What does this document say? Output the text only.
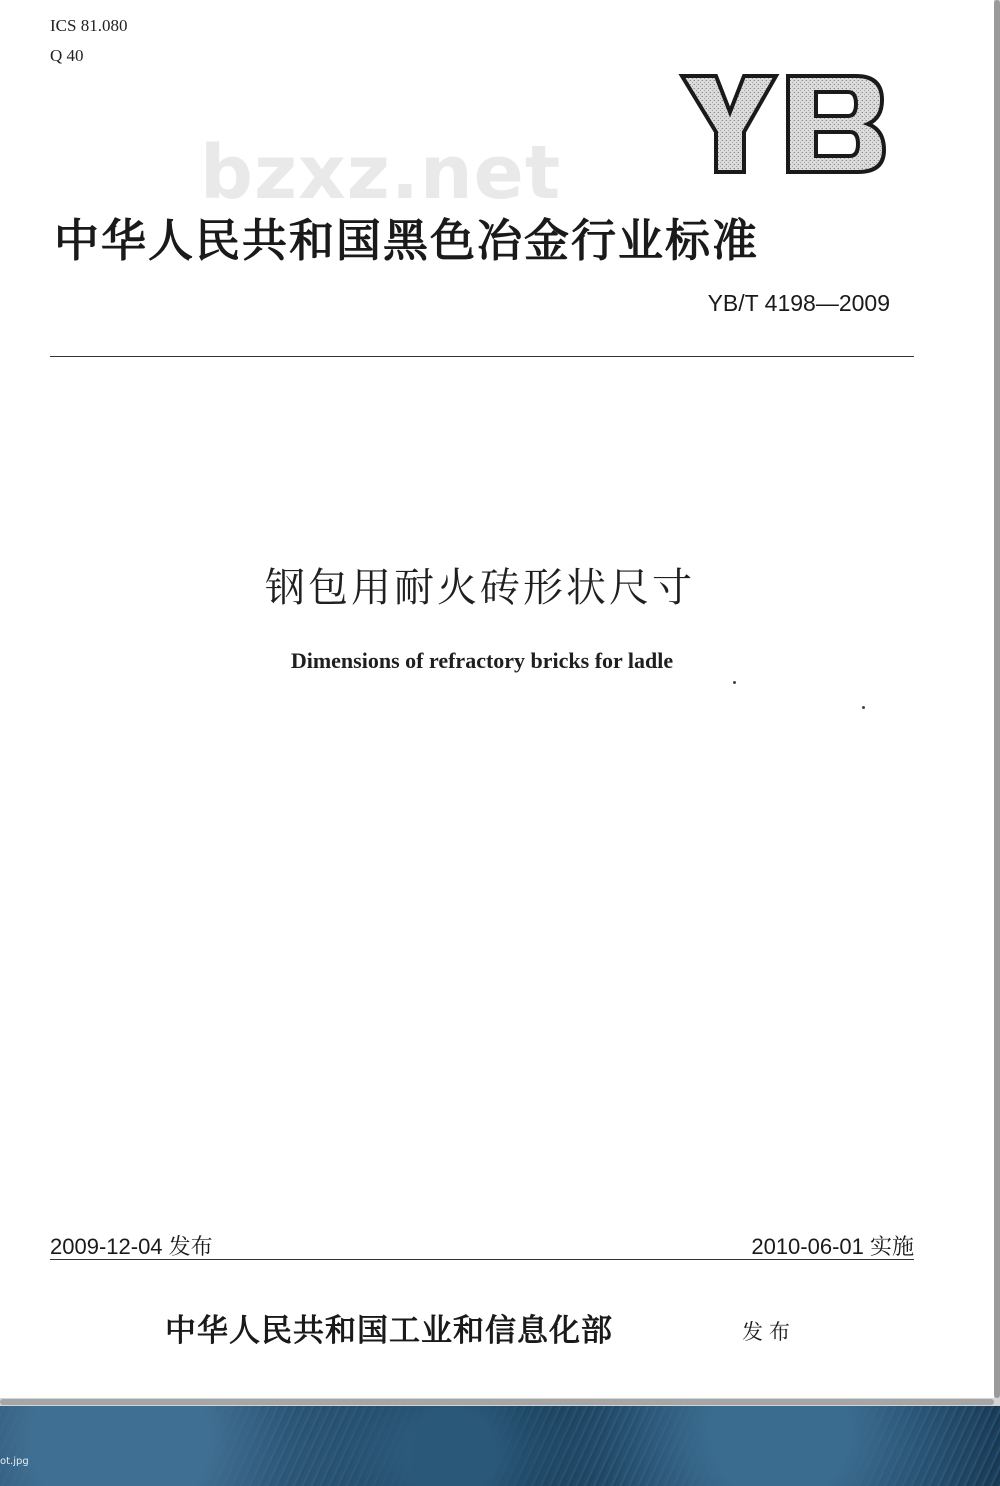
ICS 81.080
Q 40
bzxz.net
中华人民共和国黑色冶金行业标准
YB/T 4198—2009
钢包用耐火砖形状尺寸
Dimensions of refractory bricks for ladle
2009-12-04 发布	2010-06-01 实施
中华人民共和国工业和信息化部	发布
ot.jpg
